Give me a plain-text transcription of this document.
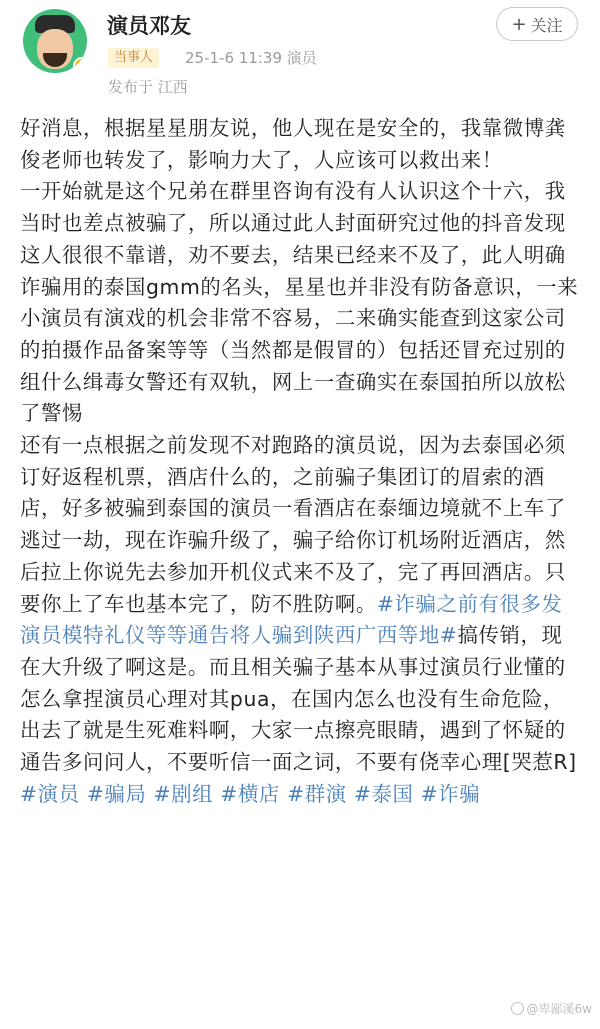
演员邓友
当事人	25-1-6 11:39 演员
发布于 江西
+ 关注

好消息，根据星星朋友说，他人现在是安全的，我靠微博龚俊老师也转发了，影响力大了，人应该可以救出来！

一开始就是这个兄弟在群里咨询有没有人认识这个十六，我当时也差点被骗了，所以通过此人封面研究过他的抖音发现这人很很不靠谱，劝不要去，结果已经来不及了，此人明确诈骗用的泰国gmm的名头，星星也并非没有防备意识，一来小演员有演戏的机会非常不容易，二来确实能查到这家公司的拍摄作品备案等等（当然都是假冒的）包括还冒充过别的组什么缉毒女警还有双轨，网上一查确实在泰国拍所以放松了警惕

还有一点根据之前发现不对跑路的演员说，因为去泰国必须订好返程机票，酒店什么的，之前骗子集团订的眉索的酒店，好多被骗到泰国的演员一看酒店在泰缅边境就不上车了逃过一劫，现在诈骗升级了，骗子给你订机场附近酒店，然后拉上你说先去参加开机仪式来不及了，完了再回酒店。只要你上了车也基本完了，防不胜防啊。#诈骗之前有很多发演员模特礼仪等等通告将人骗到陕西广西等地#搞传销，现在大升级了啊这是。而且相关骗子基本从事过演员行业懂的怎么拿捏演员心理对其pua，在国内怎么也没有生命危险，出去了就是生死难料啊，大家一点擦亮眼睛，遇到了怀疑的通告多问问人，不要听信一面之词，不要有侥幸心理[哭惹R]#演员 #骗局 #剧组 #横店 #群演 #泰国 #诈骗

@卑鄙溪6w
